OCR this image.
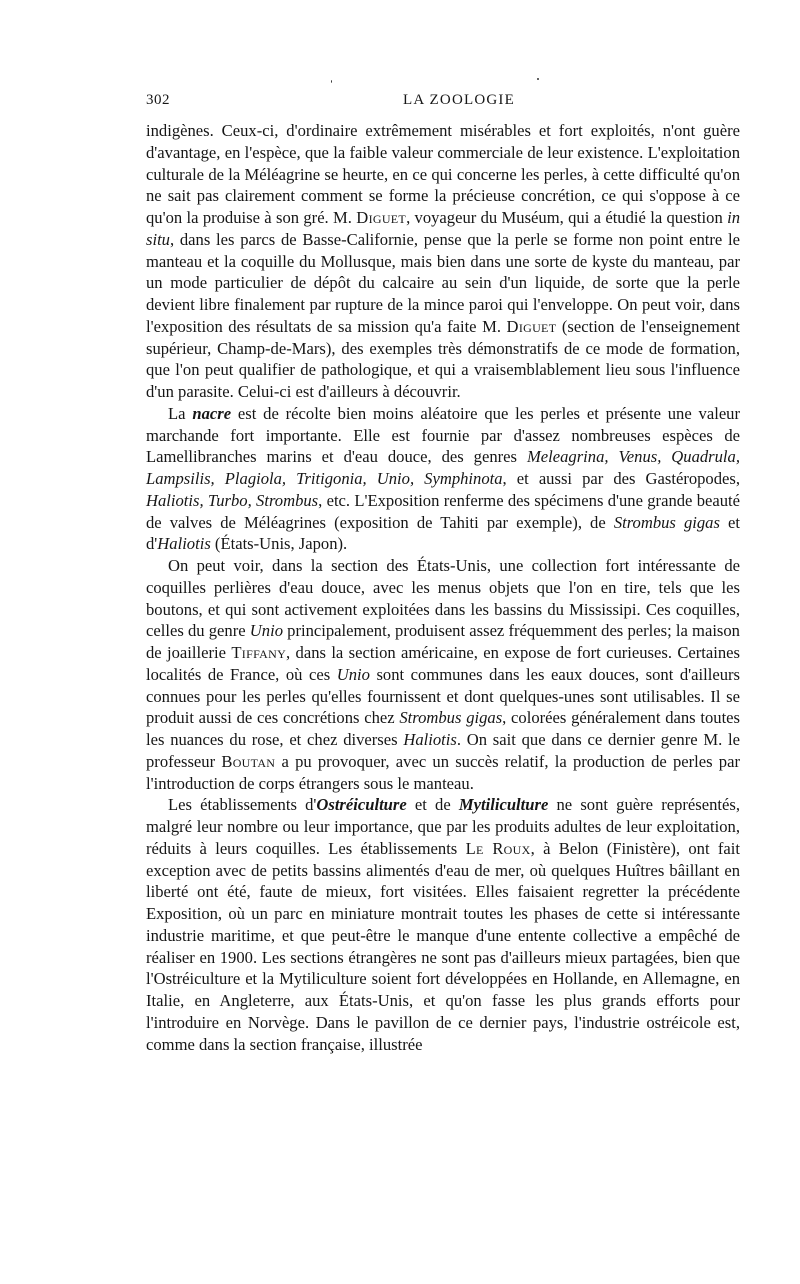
302	LA ZOOLOGIE

indigènes. Ceux-ci, d'ordinaire extrêmement misérables et fort exploités, n'ont guère d'avantage, en l'espèce, que la faible valeur commerciale de leur existence. L'exploitation culturale de la Méléagrine se heurte, en ce qui concerne les perles, à cette difficulté qu'on ne sait pas clairement comment se forme la précieuse concrétion, ce qui s'oppose à ce qu'on la produise à son gré. M. Diguet, voyageur du Muséum, qui a étudié la question in situ, dans les parcs de Basse-Californie, pense que la perle se forme non point entre le manteau et la coquille du Mollusque, mais bien dans une sorte de kyste du manteau, par un mode particulier de dépôt du calcaire au sein d'un liquide, de sorte que la perle devient libre finalement par rupture de la mince paroi qui l'enveloppe. On peut voir, dans l'exposition des résultats de sa mission qu'a faite M. Diguet (section de l'enseignement supérieur, Champ-de-Mars), des exemples très démonstratifs de ce mode de formation, que l'on peut qualifier de pathologique, et qui a vraisemblablement lieu sous l'influence d'un parasite. Celui-ci est d'ailleurs à découvrir.

La nacre est de récolte bien moins aléatoire que les perles et présente une valeur marchande fort importante. Elle est fournie par d'assez nombreuses espèces de Lamellibranches marins et d'eau douce, des genres Meleagrina, Venus, Quadrula, Lampsilis, Plagiola, Tritigonia, Unio, Symphinota, et aussi par des Gastéropodes, Haliotis, Turbo, Strombus, etc. L'Exposition renferme des spécimens d'une grande beauté de valves de Méléagrines (exposition de Tahiti par exemple), de Strombus gigas et d'Haliotis (États-Unis, Japon).

On peut voir, dans la section des États-Unis, une collection fort intéressante de coquilles perlières d'eau douce, avec les menus objets que l'on en tire, tels que les boutons, et qui sont activement exploitées dans les bassins du Mississipi. Ces coquilles, celles du genre Unio principalement, produisent assez fréquemment des perles; la maison de joaillerie Tiffany, dans la section américaine, en expose de fort curieuses. Certaines localités de France, où ces Unio sont communes dans les eaux douces, sont d'ailleurs connues pour les perles qu'elles fournissent et dont quelques-unes sont utilisables. Il se produit aussi de ces concrétions chez Strombus gigas, colorées généralement dans toutes les nuances du rose, et chez diverses Haliotis. On sait que dans ce dernier genre M. le professeur Boutan a pu provoquer, avec un succès relatif, la production de perles par l'introduction de corps étrangers sous le manteau.

Les établissements d'Ostréiculture et de Mytiliculture ne sont guère représentés, malgré leur nombre ou leur importance, que par les produits adultes de leur exploitation, réduits à leurs coquilles. Les établissements Le Roux, à Belon (Finistère), ont fait exception avec de petits bassins alimentés d'eau de mer, où quelques Huîtres bâillant en liberté ont été, faute de mieux, fort visitées. Elles faisaient regretter la précédente Exposition, où un parc en miniature montrait toutes les phases de cette si intéressante industrie maritime, et que peut-être le manque d'une entente collective a empêché de réaliser en 1900. Les sections étrangères ne sont pas d'ailleurs mieux partagées, bien que l'Ostréiculture et la Mytiliculture soient fort développées en Hollande, en Allemagne, en Italie, en Angleterre, aux États-Unis, et qu'on fasse les plus grands efforts pour l'introduire en Norvège. Dans le pavillon de ce dernier pays, l'industrie ostréicole est, comme dans la section française, illustrée
